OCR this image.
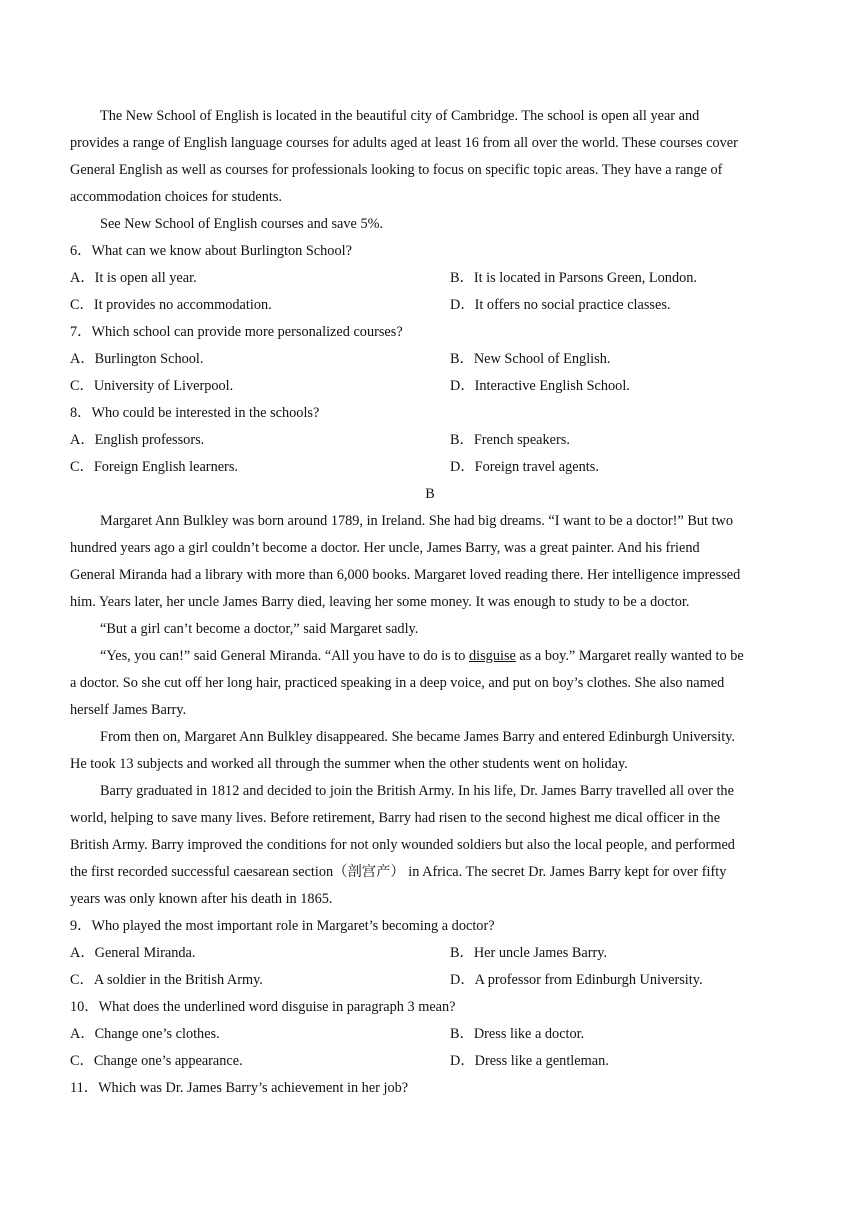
The New School of English is located in the beautiful city of Cambridge. The school is open all year and
provides a range of English language courses for adults aged at least 16 from all over the world. These courses cover
General English as well as courses for professionals looking to focus on specific topic areas. They have a range of
accommodation choices for students.
See New School of English courses and save 5%.
6．What can we know about Burlington School?
A．It is open all year.	B．It is located in Parsons Green, London.
C．It provides no accommodation.	D．It offers no social practice classes.
7．Which school can provide more personalized courses?
A．Burlington School.	B．New School of English.
C．University of Liverpool.	D．Interactive English School.
8．Who could be interested in the schools?
A．English professors.	B．French speakers.
C．Foreign English learners.	D．Foreign travel agents.
B
Margaret Ann Bulkley was born around 1789, in Ireland. She had big dreams. “I want to be a doctor!” But two
hundred years ago a girl couldn’t become a doctor. Her uncle, James Barry, was a great painter. And his friend
General Miranda had a library with more than 6,000 books. Margaret loved reading there. Her intelligence impressed
him. Years later, her uncle James Barry died, leaving her some money. It was enough to study to be a doctor.
“But a girl can’t become a doctor,” said Margaret sadly.
“Yes, you can!” said General Miranda. “All you have to do is to disguise as a boy.” Margaret really wanted to be
a doctor. So she cut off her long hair, practiced speaking in a deep voice, and put on boy’s clothes. She also named
herself James Barry.
From then on, Margaret Ann Bulkley disappeared. She became James Barry and entered Edinburgh University.
He took 13 subjects and worked all through the summer when the other students went on holiday.
Barry graduated in 1812 and decided to join the British Army. In his life, Dr. James Barry travelled all over the
world, helping to save many lives. Before retirement, Barry had risen to the second highest me dical officer in the
British Army. Barry improved the conditions for not only wounded soldiers but also the local people, and performed
the first recorded successful caesarean section（剖宫产） in Africa. The secret Dr. James Barry kept for over fifty
years was only known after his death in 1865.
9．Who played the most important role in Margaret’s becoming a doctor?
A．General Miranda.	B．Her uncle James Barry.
C．A soldier in the British Army.	D．A professor from Edinburgh University.
10．What does the underlined word disguise in paragraph 3 mean?
A．Change one’s clothes.	B．Dress like a doctor.
C．Change one’s appearance.	D．Dress like a gentleman.
11．Which was Dr. James Barry’s achievement in her job?
